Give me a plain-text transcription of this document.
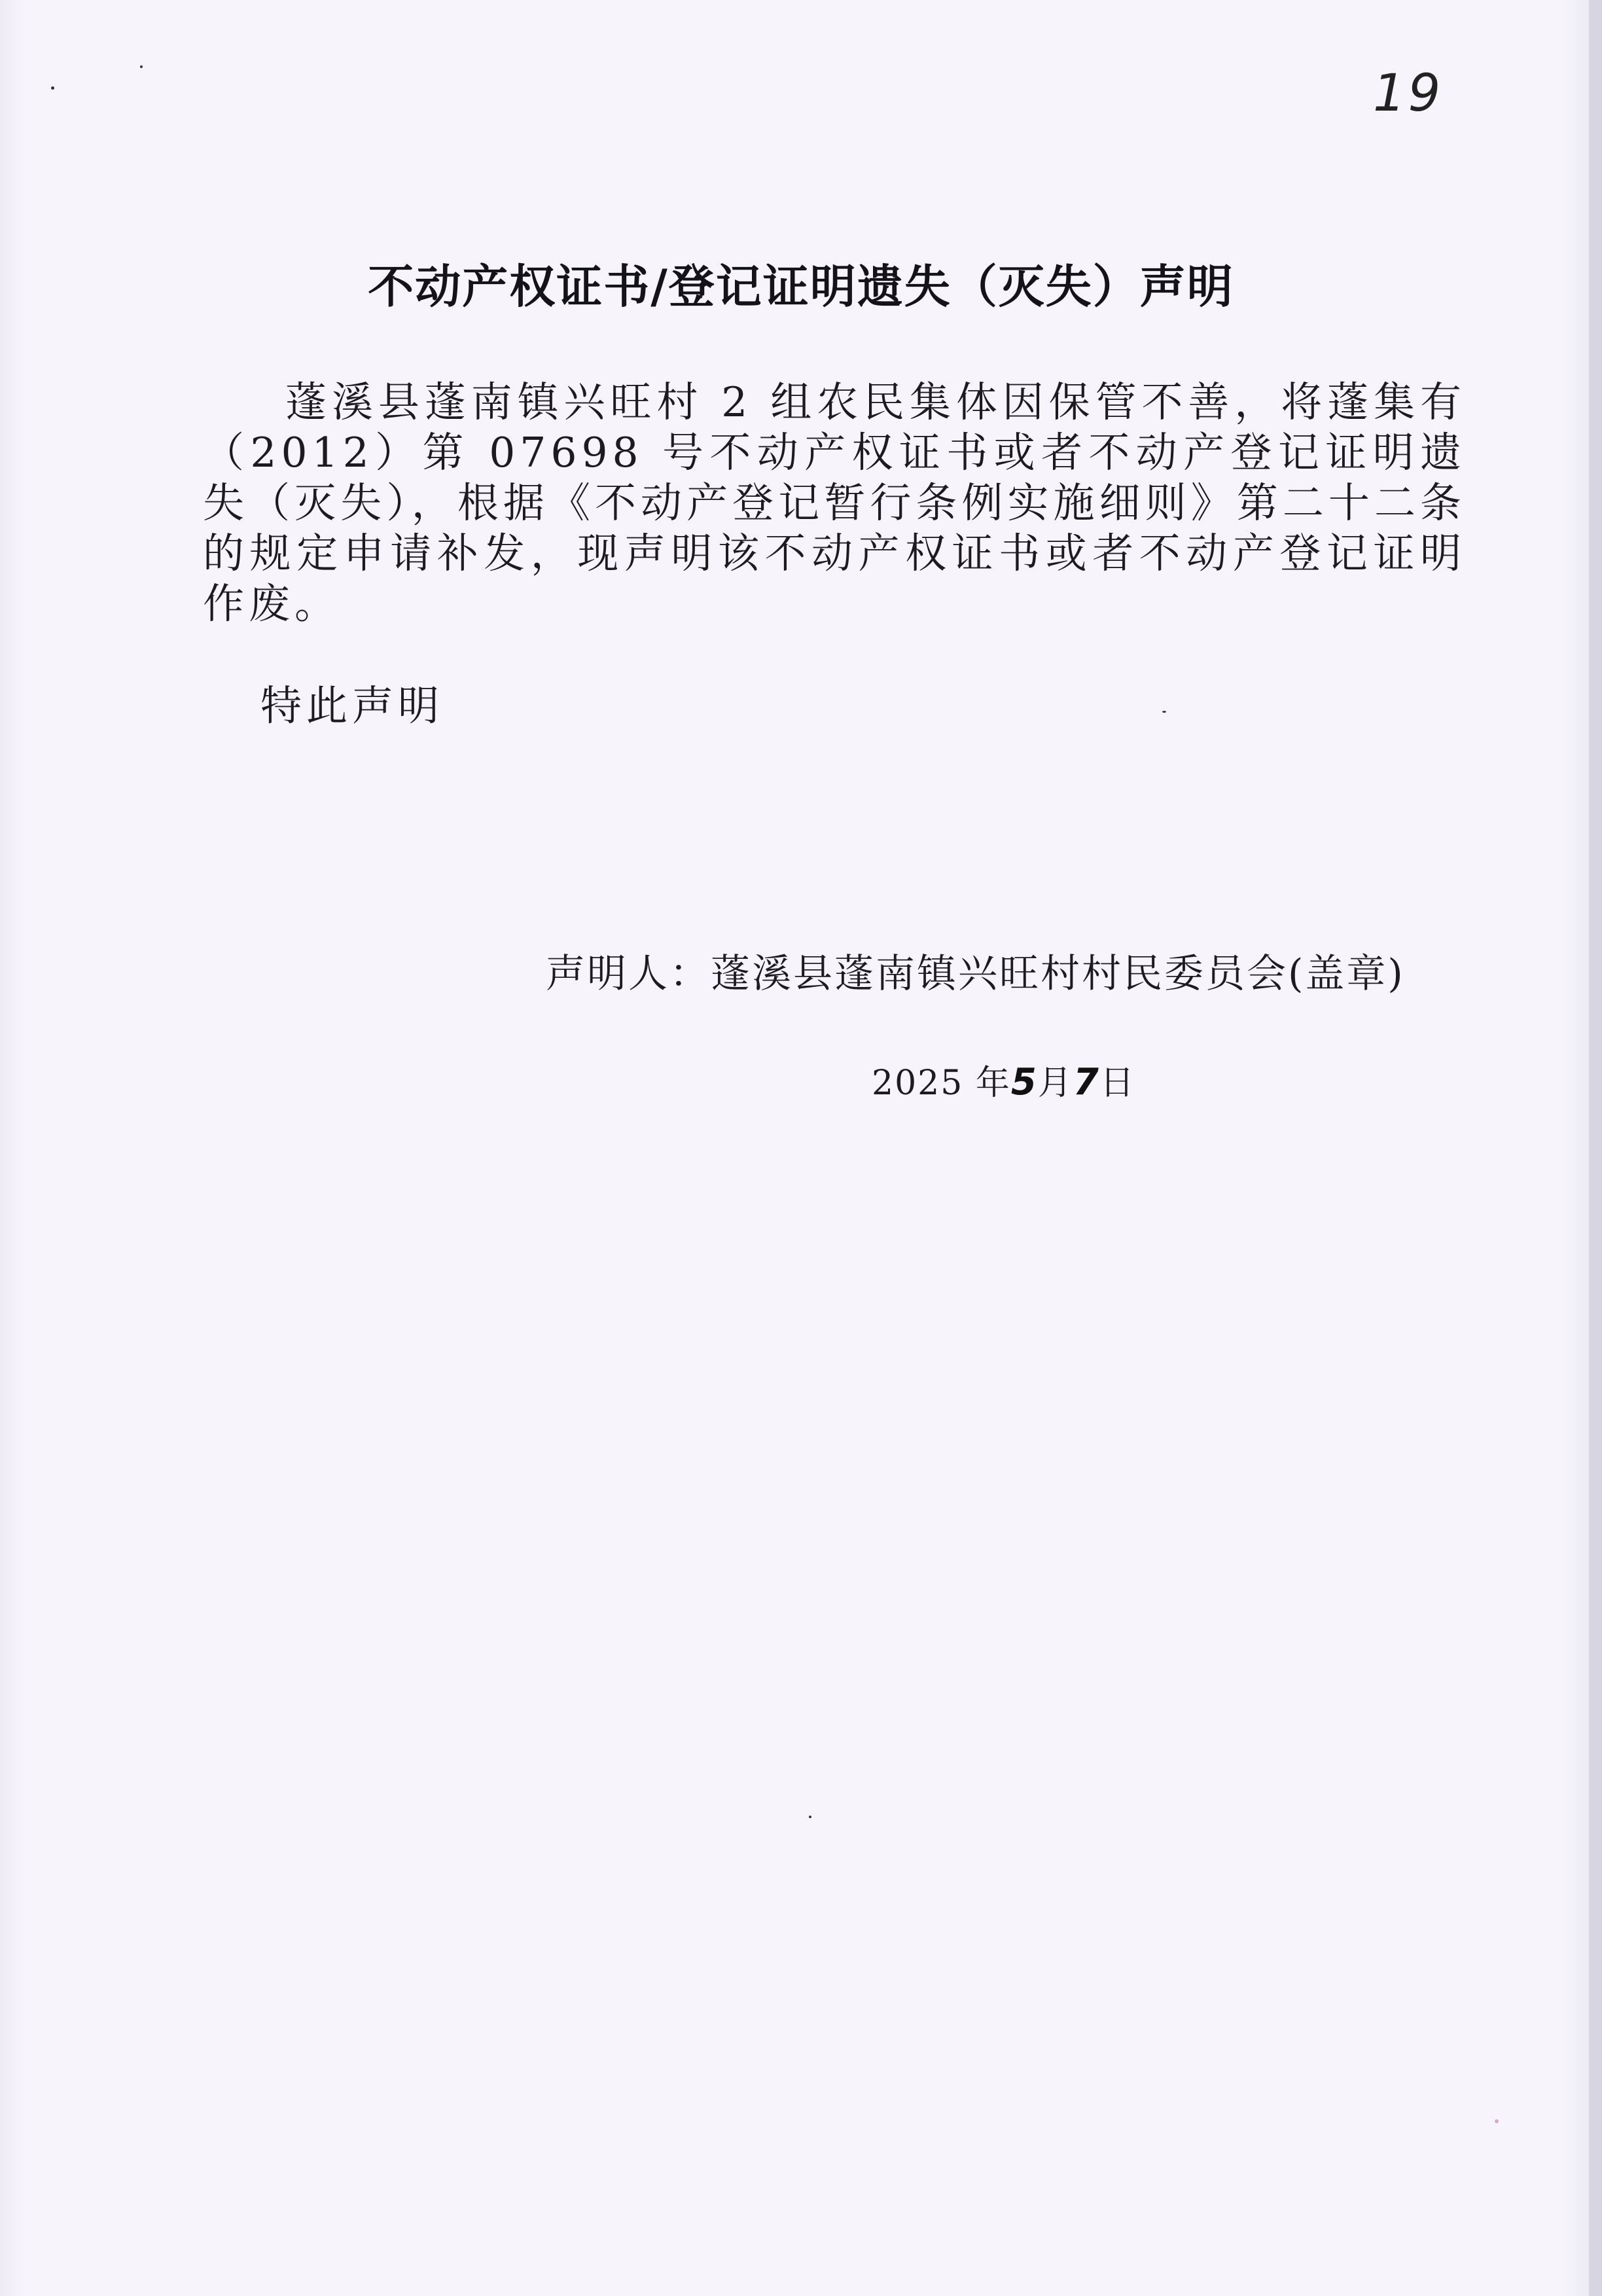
19
不动产权证书/登记证明遗失（灭失）声明
蓬溪县蓬南镇兴旺村 2 组农民集体因保管不善，将蓬集有（2012）第 07698 号不动产权证书或者不动产登记证明遗失（灭失），根据《不动产登记暂行条例实施细则》第二十二条的规定申请补发，现声明该不动产权证书或者不动产登记证明作废。
特此声明
声明人：蓬溪县蓬南镇兴旺村村民委员会(盖章)
2025 年5月7日
